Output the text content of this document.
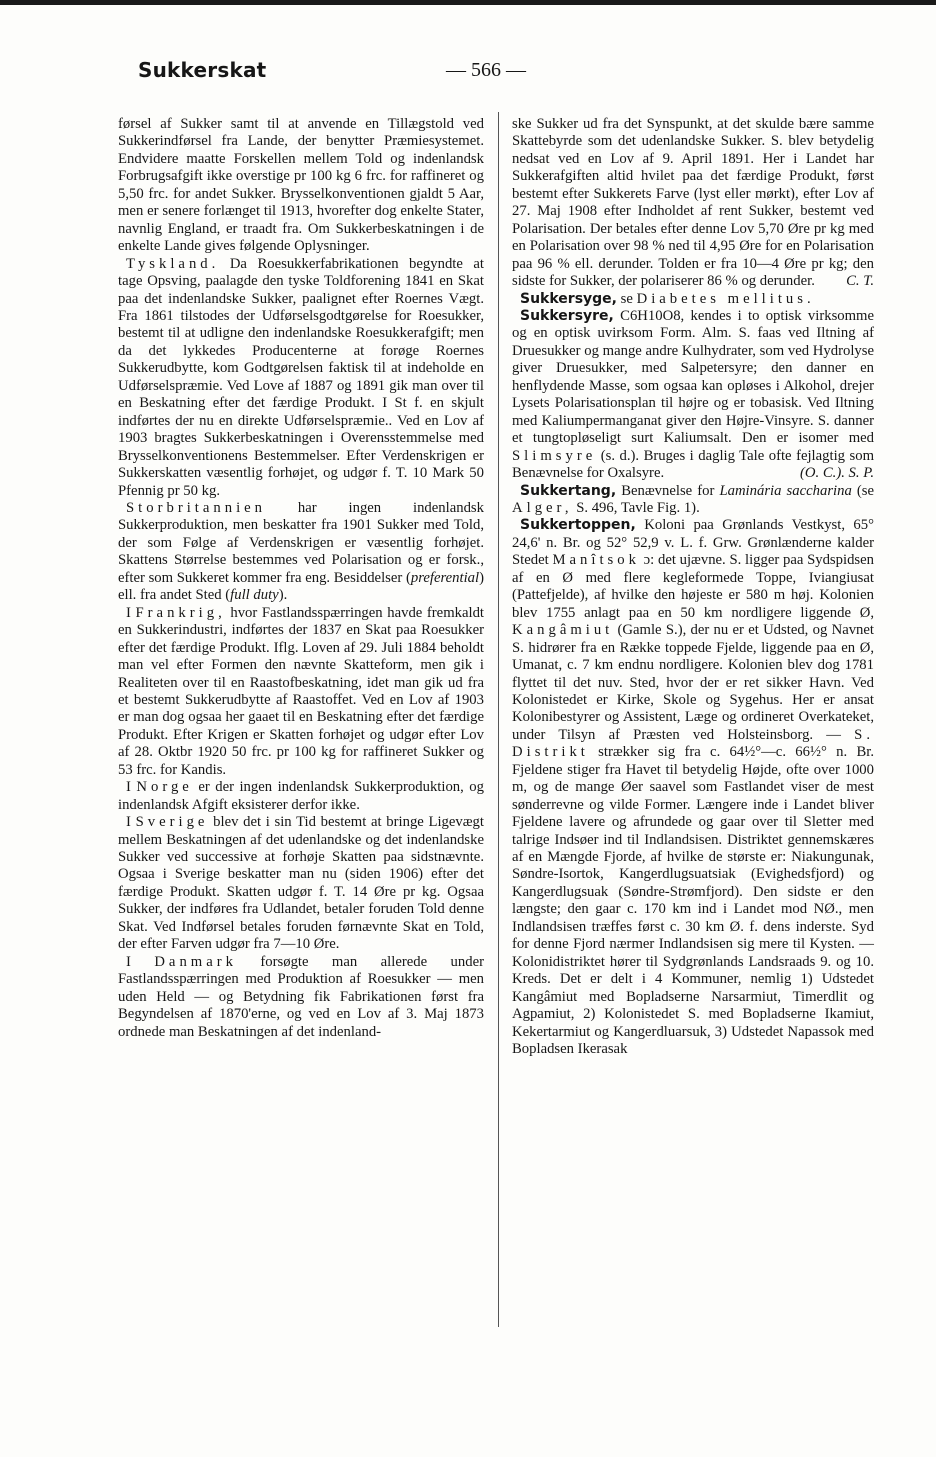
Sukkerskat	— 566 —

førsel af Sukker samt til at anvende en Tillægstold ved Sukkerindførsel fra Lande, der benytter Præmiesystemet. Endvidere maatte Forskellen mellem Told og indenlandsk Forbrugsafgift ikke overstige pr 100 kg 6 frc. for raffineret og 5,50 frc. for andet Sukker. Brysselkonventionen gjaldt 5 Aar, men er senere forlænget til 1913, hvorefter dog enkelte Stater, navnlig England, er traadt fra. Om Sukkerbeskatningen i de enkelte Lande gives følgende Oplysninger.

Tyskland. Da Roesukkerfabrikationen begyndte at tage Opsving, paalagde den tyske Toldforening 1841 en Skat paa det indenlandske Sukker, paalignet efter Roernes Vægt. Fra 1861 tilstodes der Udførselsgodtgørelse for Roesukker, bestemt til at udligne den indenlandske Roesukkerafgift; men da det lykkedes Producenterne at forøge Roernes Sukkerudbytte, kom Godtgørelsen faktisk til at indeholde en Udførselspræmie. Ved Love af 1887 og 1891 gik man over til en Beskatning efter det færdige Produkt. I St f. en skjult indførtes der nu en direkte Udførselspræmie.. Ved en Lov af 1903 bragtes Sukkerbeskatningen i Overensstemmelse med Brysselkonventionens Bestemmelser. Efter Verdenskrigen er Sukkerskatten væsentlig forhøjet, og udgør f. T. 10 Mark 50 Pfennig pr 50 kg.

Storbritannien har ingen indenlandsk Sukkerproduktion, men beskatter fra 1901 Sukker med Told, der som Følge af Verdenskrigen er væsentlig forhøjet. Skattens Størrelse bestemmes ved Polarisation og er forsk., efter som Sukkeret kommer fra eng. Besiddelser (preferential) ell. fra andet Sted (full duty).

I Frankrig, hvor Fastlandsspærringen havde fremkaldt en Sukkerindustri, indførtes der 1837 en Skat paa Roesukker efter det færdige Produkt. Iflg. Loven af 29. Juli 1884 beholdt man vel efter Formen den nævnte Skatteform, men gik i Realiteten over til en Raastofbeskatning, idet man gik ud fra et bestemt Sukkerudbytte af Raastoffet. Ved en Lov af 1903 er man dog ogsaa her gaaet til en Beskatning efter det færdige Produkt. Efter Krigen er Skatten forhøjet og udgør efter Lov af 28. Oktbr 1920 50 frc. pr 100 kg for raffineret Sukker og 53 frc. for Kandis.

I Norge er der ingen indenlandsk Sukkerproduktion, og indenlandsk Afgift eksisterer derfor ikke.

I Sverige blev det i sin Tid bestemt at bringe Ligevægt mellem Beskatningen af det udenlandske og det indenlandske Sukker ved successive at forhøje Skatten paa sidstnævnte. Ogsaa i Sverige beskatter man nu (siden 1906) efter det færdige Produkt. Skatten udgør f. T. 14 Øre pr kg. Ogsaa Sukker, der indføres fra Udlandet, betaler foruden Told denne Skat. Ved Indførsel betales foruden førnævnte Skat en Told, der efter Farven udgør fra 7—10 Øre.

I Danmark forsøgte man allerede under Fastlandsspærringen med Produktion af Roesukker — men uden Held — og Betydning fik Fabrikationen først fra Begyndelsen af 1870'erne, og ved en Lov af 3. Maj 1873 ordnede man Beskatningen af det indenland-

ske Sukker ud fra det Synspunkt, at det skulde bære samme Skattebyrde som det udenlandske Sukker. S. blev betydelig nedsat ved en Lov af 9. April 1891. Her i Landet har Sukkerafgiften altid hvilet paa det færdige Produkt, først bestemt efter Sukkerets Farve (lyst eller mørkt), efter Lov af 27. Maj 1908 efter Indholdet af rent Sukker, bestemt ved Polarisation. Der betales efter denne Lov 5,70 Øre pr kg med en Polarisation over 98 % ned til 4,95 Øre for en Polarisation paa 96 % ell. derunder. Tolden er fra 10—4 Øre pr kg; den sidste for Sukker, der polariserer 86 % og derunder. C. T.

Sukkersyge, se Diabetes mellitus.

Sukkersyre, C6H10O8, kendes i to optisk virksomme og en optisk uvirksom Form. Alm. S. faas ved Iltning af Druesukker og mange andre Kulhydrater, som ved Hydrolyse giver Druesukker, med Salpetersyre; den danner en henflydende Masse, som ogsaa kan opløses i Alkohol, drejer Lysets Polarisationsplan til højre og er tobasisk. Ved Iltning med Kaliumpermanganat giver den Højre-Vinsyre. S. danner et tungtopløseligt surt Kaliumsalt. Den er isomer med Slimsyre (s. d.). Bruges i daglig Tale ofte fejlagtig som Benævnelse for Oxalsyre.	(O. C.). S. P.

Sukkertang, Benævnelse for Laminária saccharina (se Alger, S. 496, Tavle Fig. 1).

Sukkertoppen, Koloni paa Grønlands Vestkyst, 65° 24,6' n. Br. og 52° 52,9 v. L. f. Grw. Grønlænderne kalder Stedet Manîtsok ɔ: det ujævne. S. ligger paa Sydspidsen af en Ø med flere kegleformede Toppe, Iviangiusat (Pattefjelde), af hvilke den højeste er 580 m høj. Kolonien blev 1755 anlagt paa en 50 km nordligere liggende Ø, Kangâmiut (Gamle S.), der nu er et Udsted, og Navnet S. hidrører fra en Række toppede Fjelde, liggende paa en Ø, Umanat, c. 7 km endnu nordligere. Kolonien blev dog 1781 flyttet til det nuv. Sted, hvor der er ret sikker Havn. Ved Kolonistedet er Kirke, Skole og Sygehus. Her er ansat Kolonibestyrer og Assistent, Læge og ordineret Overkateket, under Tilsyn af Præsten ved Holsteinsborg. — S. Distrikt strækker sig fra c. 64½°—c. 66½° n. Br. Fjeldene stiger fra Havet til betydelig Højde, ofte over 1000 m, og de mange Øer saavel som Fastlandet viser de mest sønderrevne og vilde Former. Længere inde i Landet bliver Fjeldene lavere og afrundede og gaar over til Sletter med talrige Indsøer ind til Indlandsisen. Distriktet gennemskæres af en Mængde Fjorde, af hvilke de største er: Niakungunak, Søndre-Isortok, Kangerdlugsuatsiak (Evighedsfjord) og Kangerdlugsuak (Søndre-Strømfjord). Den sidste er den længste; den gaar c. 170 km ind i Landet mod NØ., men Indlandsisen træffes først c. 30 km Ø. f. dens inderste. Syd for denne Fjord nærmer Indlandsisen sig mere til Kysten. — Kolonidistriktet hører til Sydgrønlands Landsraads 9. og 10. Kreds. Det er delt i 4 Kommuner, nemlig 1) Udstedet Kangâmiut med Bopladserne Narsarmiut, Timerdlit og Agpamiut, 2) Kolonistedet S. med Bopladserne Ikamiut, Kekertarmiut og Kangerdluarsuk, 3) Udstedet Napassok med Bopladsen Ikerasak
